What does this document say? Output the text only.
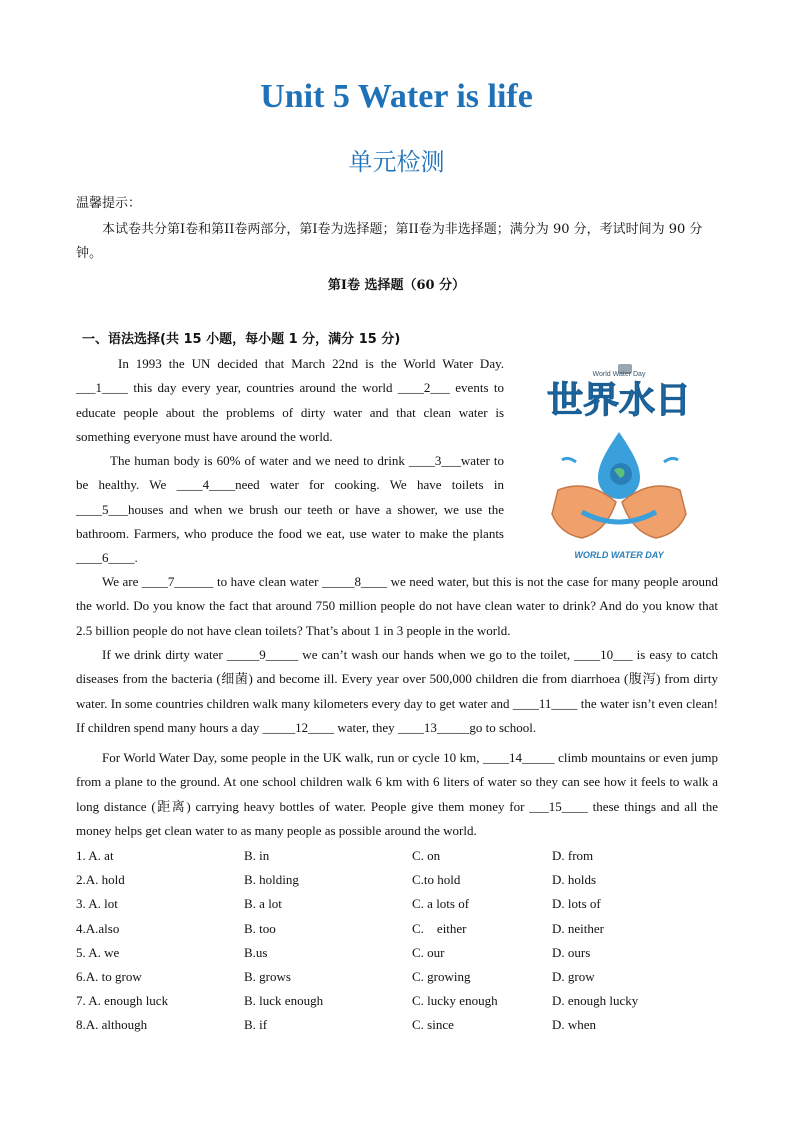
Unit 5 Water is life
单元检测
温馨提示：
本试卷共分第I卷和第II卷两部分，第I卷为选择题；第II卷为非选择题；满分为 90 分，考试时间为 90 分钟。
第I卷 选择题（60 分）
一、语法选择(共 15 小题，每小题 1 分，满分 15 分)

In 1993 the UN decided that March 22nd is the World Water Day. ___1____ this day every year, countries around the world ____2___ events to educate people about the problems of dirty water and that clean water is something everyone must have around the world.

The human body is 60% of water and we need to drink ____3___water to be healthy. We ____4____need water for cooking. We have toilets in ____5___houses and when we brush our teeth or have a shower, we use the bathroom. Farmers, who produce the food we eat, use water to make the plants ____6____.

We are ____7______ to have clean water _____8____ we need water, but this is not the case for many people around the world. Do you know the fact that around 750 million people do not have clean water to drink? And do you know that 2.5 billion people do not have clean toilets? That’s about 1 in 3 people in the world.

If we drink dirty water _____9_____ we can’t wash our hands when we go to the toilet, ____10___ is easy to catch diseases from the bacteria (细菌) and become ill. Every year over 500,000 children die from diarrhoea (腹泻) from dirty water. In some countries children walk many kilometers every day to get water and ____11____ the water isn’t even clean! If children spend many hours a day _____12____ water, they ____13_____go to school.

For World Water Day, some people in the UK walk, run or cycle 10 km, ____14_____ climb mountains or even jump from a plane to the ground. At one school children walk 6 km with 6 liters of water so they can see how it feels to walk a long distance (距离) carrying heavy bottles of water. People give them money for ___15____ these things and all the money helps get clean water to as many people as possible around the world.

World Water Day
世界水日
WORLD WATER DAY
1. A. at	B. in	C. on	D. from
2.A. hold	B. holding	C.to hold	D. holds
3. A. lot	B. a lot	C. a lots of	D. lots of
4.A.also	B. too	C.    either	D. neither
5. A. we	B.us	C. our	D. ours
6.A. to grow	B. grows	C. growing	D. grow
7. A. enough luck	B. luck enough	C. lucky enough	D. enough lucky
8.A. although	B. if	C. since	D. when
